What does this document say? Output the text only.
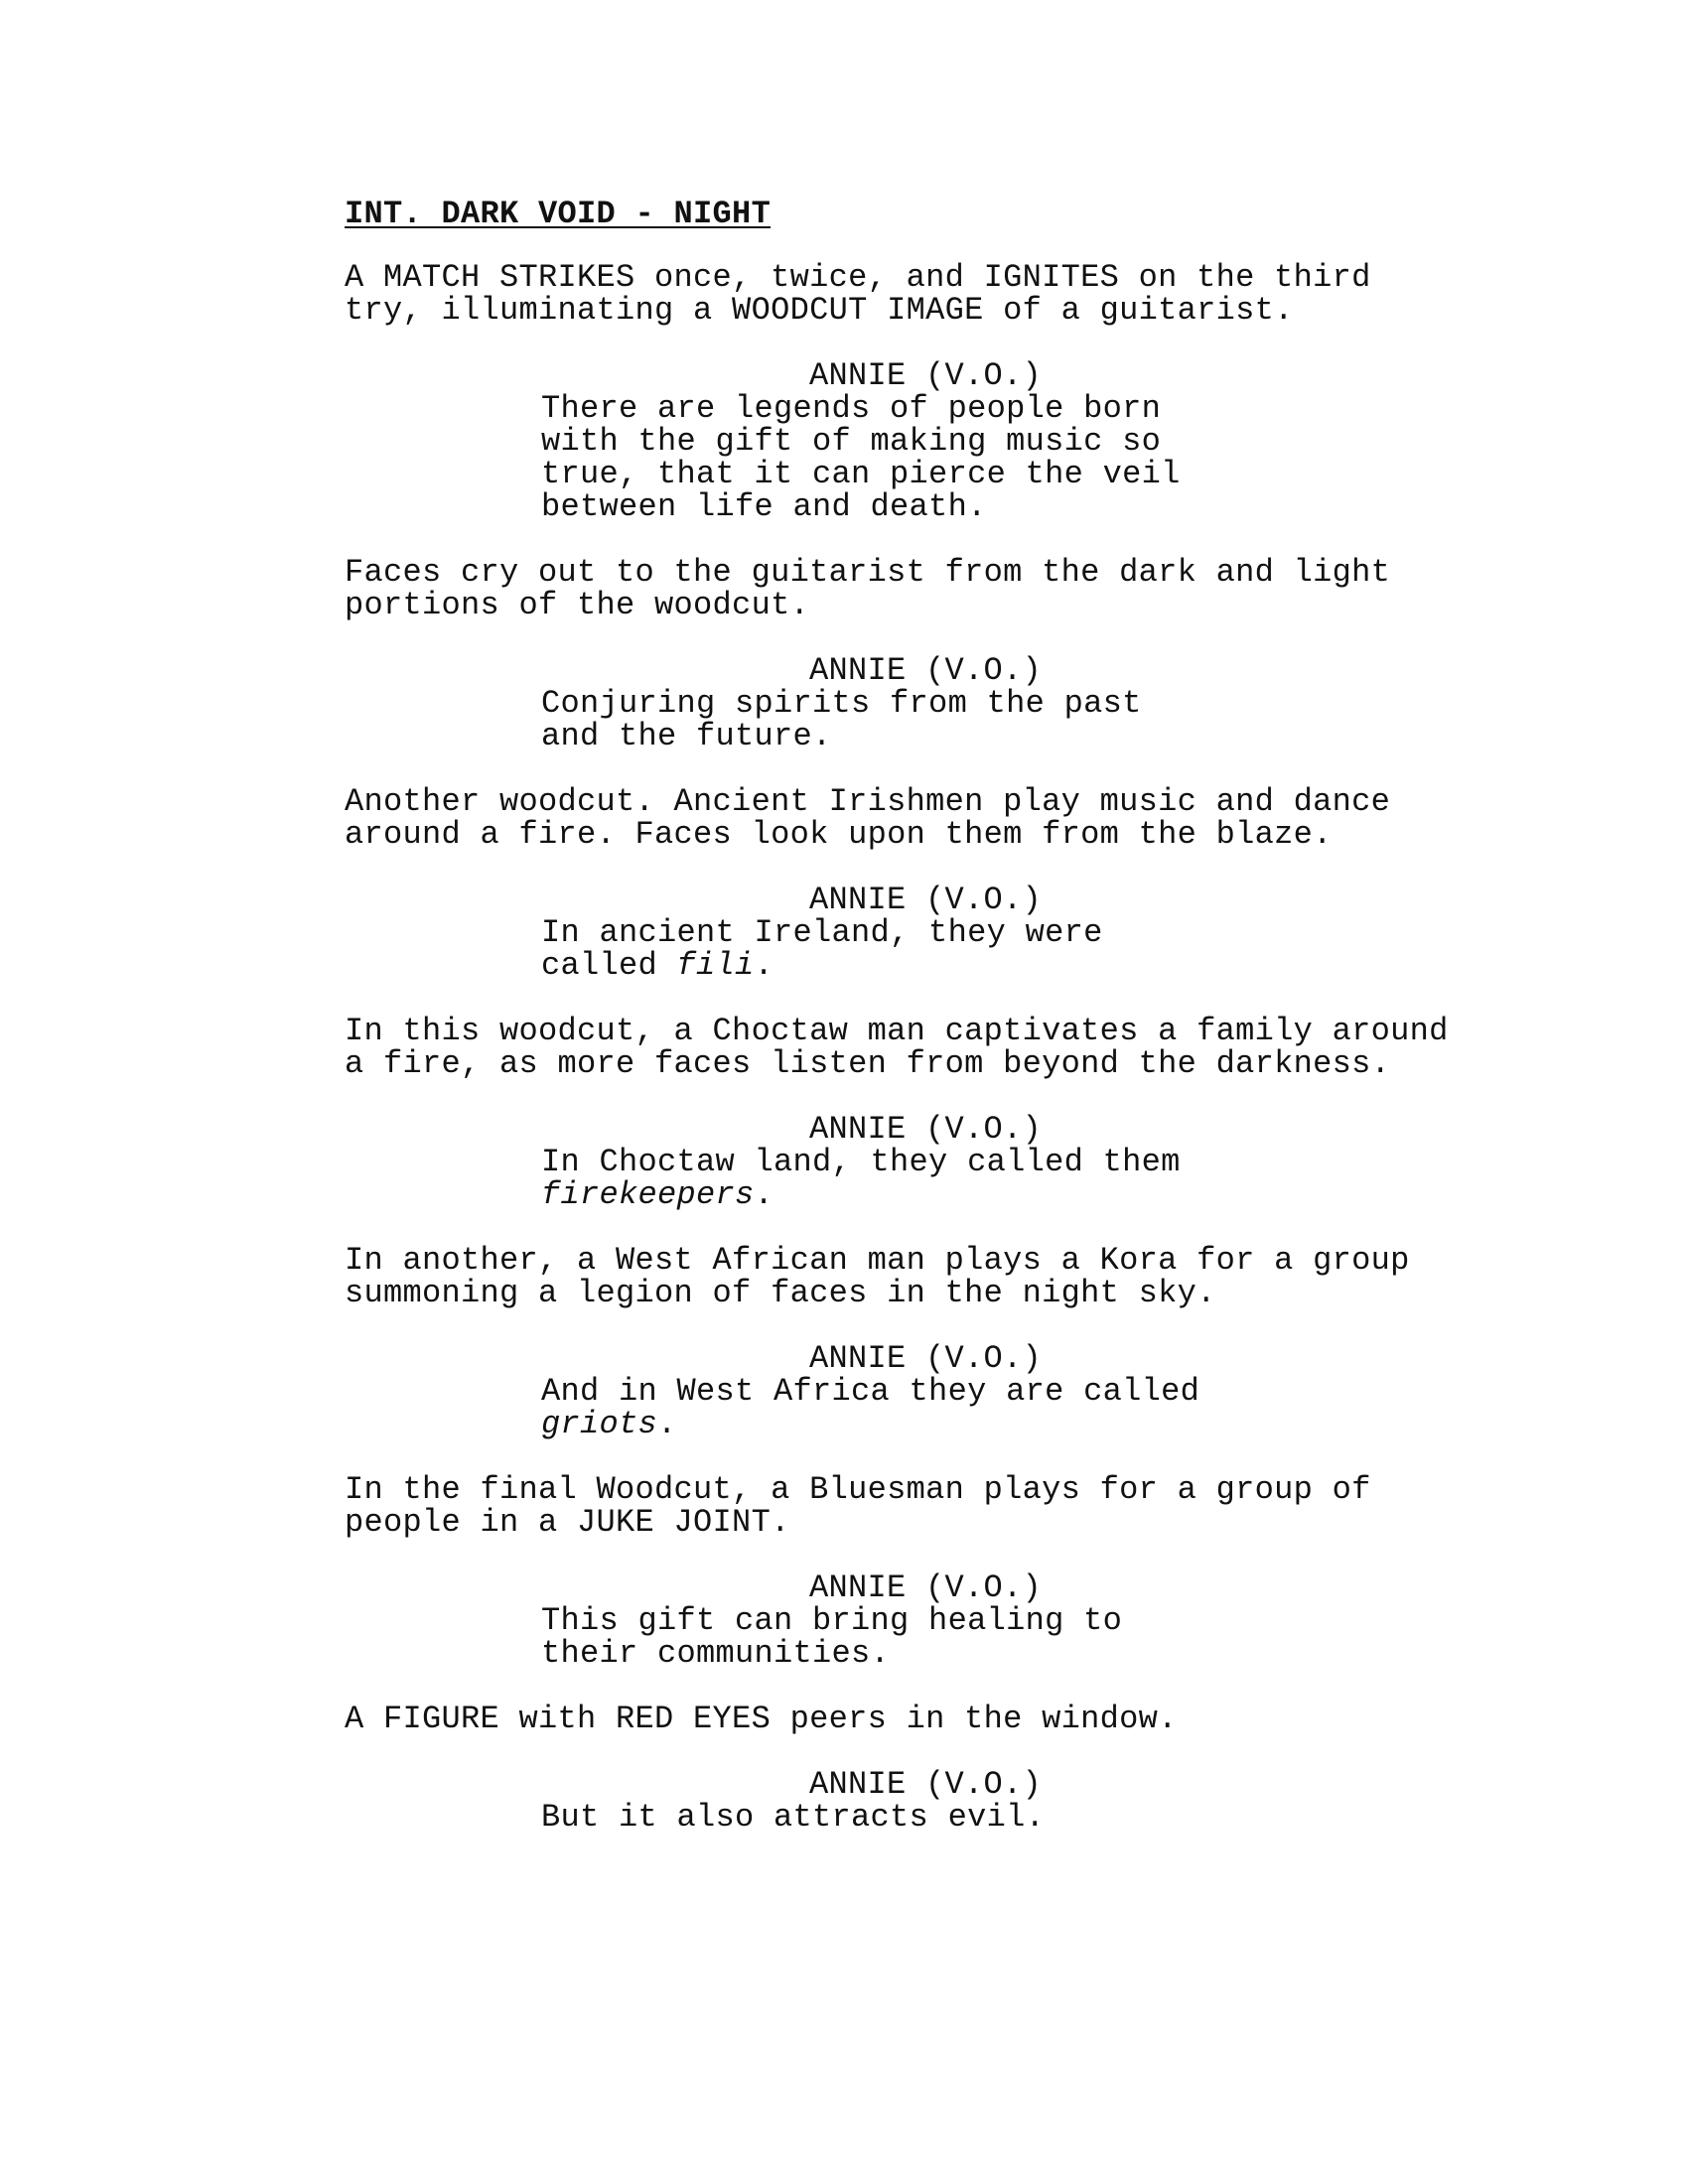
INT. DARK VOID - NIGHT
A MATCH STRIKES once, twice, and IGNITES on the third
try, illuminating a WOODCUT IMAGE of a guitarist.
ANNIE (V.O.)
There are legends of people born
with the gift of making music so
true, that it can pierce the veil
between life and death.
Faces cry out to the guitarist from the dark and light
portions of the woodcut.
ANNIE (V.O.)
Conjuring spirits from the past
and the future.
Another woodcut. Ancient Irishmen play music and dance
around a fire. Faces look upon them from the blaze.
ANNIE (V.O.)
In ancient Ireland, they were
called fili.
In this woodcut, a Choctaw man captivates a family around
a fire, as more faces listen from beyond the darkness.
ANNIE (V.O.)
In Choctaw land, they called them
firekeepers.
In another, a West African man plays a Kora for a group
summoning a legion of faces in the night sky.
ANNIE (V.O.)
And in West Africa they are called
griots.
In the final Woodcut, a Bluesman plays for a group of
people in a JUKE JOINT.
ANNIE (V.O.)
This gift can bring healing to
their communities.
A FIGURE with RED EYES peers in the window.
ANNIE (V.O.)
But it also attracts evil.
